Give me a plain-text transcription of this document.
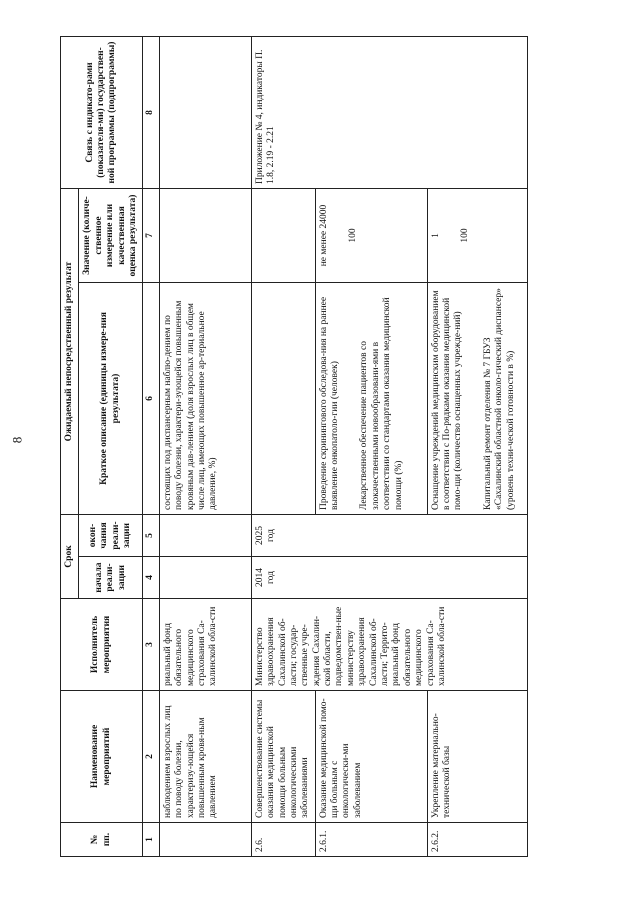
8
№ пп.	Наименование мероприятий	Исполнитель мероприятия	Срок		Ожидаемый непосредственный результат		Связь с индикато-рами (показателя-ми) государствен-ной программы (подпрограммы)
			начала реали-зации	окон-чания реали-зации	Краткое описание (единицы измере-ния результата)	Значение (количе-ственное измерение или качественная оценка результата)	
1	2	3	4	5	6	7	8
	наблюдением взрослых лиц по поводу болезни, характеризу-ющейся повышенным кровя-ным давлением	риальный фонд обязательного медицинского страхования Са-халинской обла-сти			состоящих под диспансерным наблю-дением по поводу болезни, характери-зующейся повышенным кровяным дав-лением (доля взрослых лиц в общем числе лиц, имеющих повышенное ар-териальное давление, %)		
2.6.	Совершенствование системы оказания медицинской помощи больным онкологическими заболеваниями	Министерство здравоохранения Сахалинской об-ласти; государ-ственные учре-ждения Сахалин-ской области, подведомствен-ные министерству здравоохранения Сахалинской об-ласти; Террито-риальный фонд обязательного медицинского страхования Са-халинской обла-сти	2014 год	2025 год			Приложение № 4, индикаторы П. 1.8, 2.19 - 2.21
2.6.1.	Оказание медицинской помо-щи больным с онкологически-ми заболеванием				Проведение скринингового обследова-ния на раннее выявление онкопатоло-гии (человек) Лекарственное обеспечение пациентов со злокачественными новообразовани-ями в соответствии со стандартами оказания медицинской помощи (%)	не менее 24000 100	

2.6.2.	Укрепление материально-технической базы				Оснащение учреждений медицинским оборудованием в соответствии с По-рядками оказания медицинской помо-щи (количество оснащенных учрежде-ний) Капитальный ремонт отделения № 7 ГБУЗ «Сахалинский областной онколо-гический диспансер» (уровень техни-ческой готовности в %)	1 100	
